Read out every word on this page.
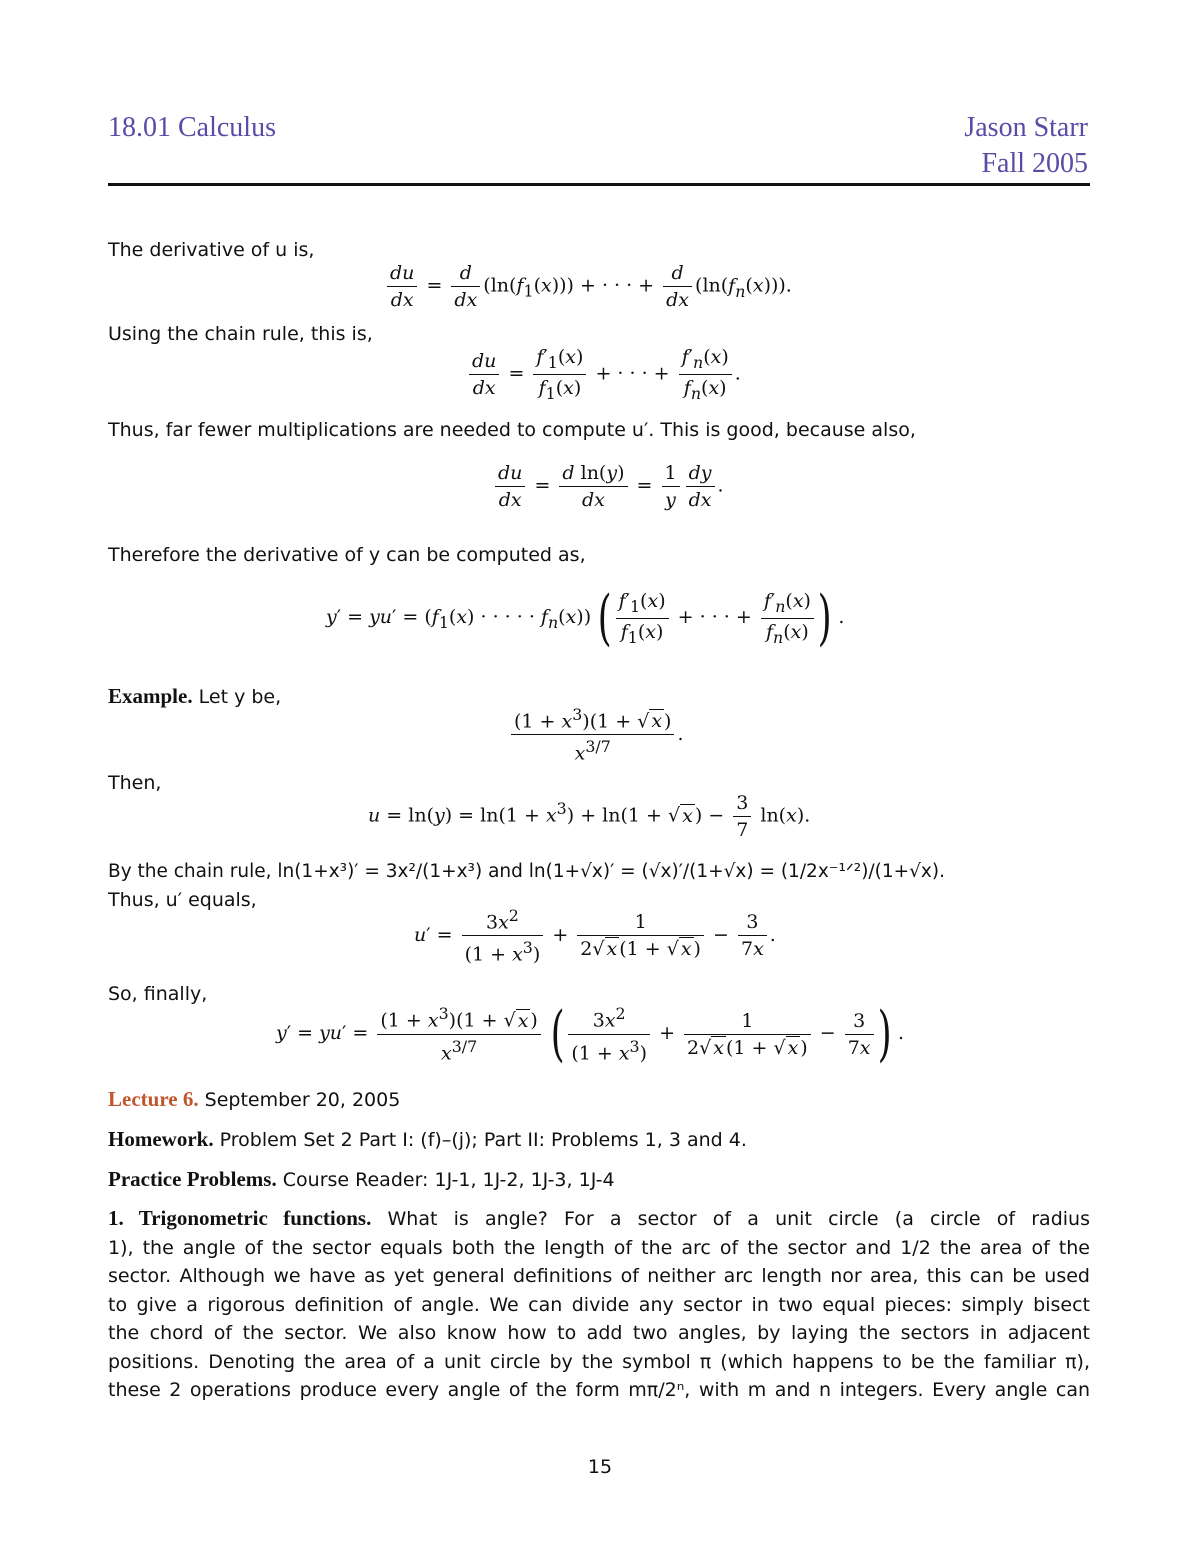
18.01 Calculus	Jason Starr
Fall 2005
The derivative of u is,
$\frac{du}{dx} = \frac{d}{dx} (\ln(f_1(x)))$ + · · · + $\frac{d}{dx} (\ln(f_n(x)))$.
Using the chain rule, this is,
$\frac{du}{dx} = \frac{f'_1(x)}{f_1(x)}$ + · · · + $\frac{f'_n(x)}{f_n(x)}$ .
Thus, far fewer multiplications are needed to compute u′. This is good, because also,
$\frac{du}{dx} = \frac{\text{d ln(y)}}{dx} = \frac{1}{y} \frac{dy}{dx}$ .
Therefore the derivative of y can be computed as,
$y' = yu' = (f_1(x)$ · · · · · $f_n(x)$) ( $\frac{f'_1(x)}{f_1(x)}$ + · · · + $\frac{f'_n(x)}{f_n(x)}$ ) .
Example. Let y be,
$\frac{(1 + x^3)(1 + √ x )}{x^{3/7}}$ .
Then,
$u = \ln(y) = \ln(1 + x^3) + \ln(1$ + √ x ) − $\frac{3}{7} \ln(x)$.
By the chain rule, ln(1+x³)′ = 3x²/(1+x³) and ln(1+√x)′ = (√x)′/(1+√x) = (1/2x⁻¹ᐟ²)/(1+√x).
Thus, u′ equals,
$u' = \frac{3x^2}{(1 + x^3)} + \frac{1}{2√ x (1 + √ x )} - \frac{3}{7x}$ .
So, finally,
$y' = yu' = \frac{(1 + x^3)(1 + √ x )}{x^{3/7}}$ ( $\frac{3x^2}{(1 + x^3)} + \frac{1}{2√ x (1 + √ x )} - \frac{3}{7x}$ ) .
Lecture 6. September 20, 2005
Homework. Problem Set 2 Part I: (f)–(j); Part II: Problems 1, 3 and 4.
Practice Problems. Course Reader: 1J-1, 1J-2, 1J-3, 1J-4
1. Trigonometric functions. What is angle? For a sector of a unit circle (a circle of radius
1), the angle of the sector equals both the length of the arc of the sector and 1/2 the area of the
sector. Although we have as yet general definitions of neither arc length nor area, this can be used
to give a rigorous definition of angle. We can divide any sector in two equal pieces: simply bisect
the chord of the sector. We also know how to add two angles, by laying the sectors in adjacent
positions. Denoting the area of a unit circle by the symbol π (which happens to be the familiar π),
these 2 operations produce every angle of the form mπ/2ⁿ, with m and n integers. Every angle can
15
